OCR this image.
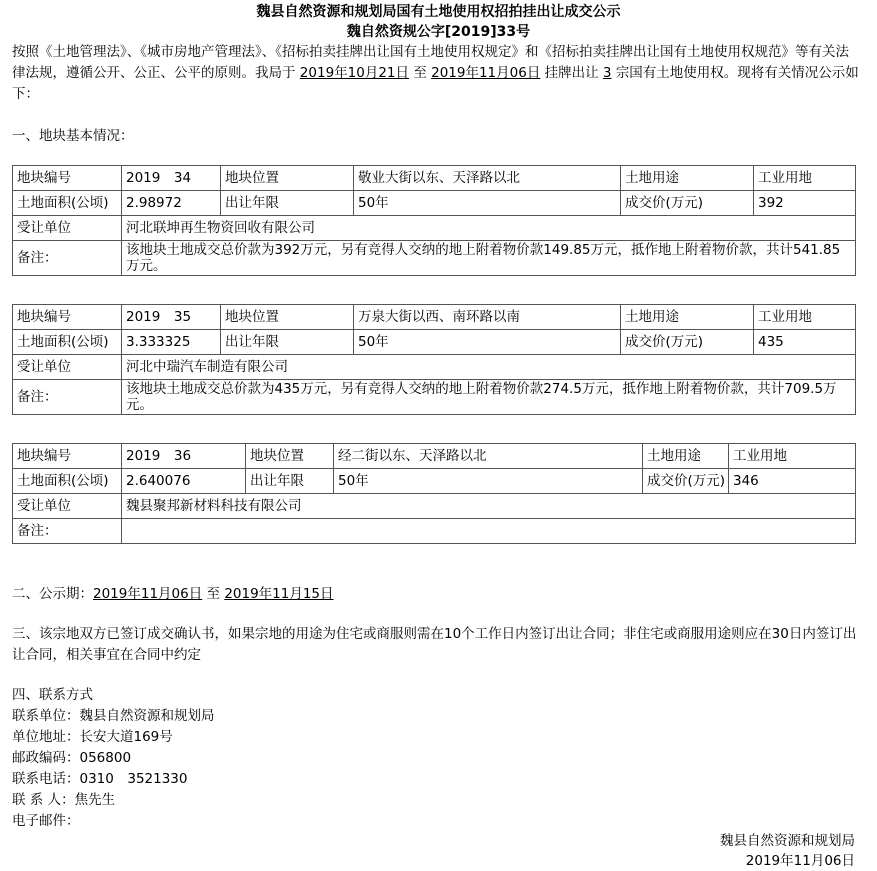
魏县自然资源和规划局国有土地使用权招拍挂出让成交公示
魏自然资规公字[2019]33号
按照《土地管理法》、《城市房地产管理法》、《招标拍卖挂牌出让国有土地使用权规定》和《招标拍卖挂牌出让国有土地使用权规范》等有关法律法规，遵循公开、公正、公平的原则。我局于 2019年10月21日 至 2019年11月06日 挂牌出让 3 宗国有土地使用权。现将有关情况公示如下：
一、地块基本情况：
地块编号	2019　34	地块位置	敬业大街以东、天泽路以北	土地用途	工业用地
土地面积(公顷)	2.98972	出让年限	50年	成交价(万元)	392
受让单位	河北联坤再生物资回收有限公司				
备注：	该地块土地成交总价款为392万元，另有竞得人交纳的地上附着物价款149.85万元，抵作地上附着物价款，共计541.85万元。				
地块编号	2019　35	地块位置	万泉大街以西、南环路以南	土地用途	工业用地
土地面积(公顷)	3.333325	出让年限	50年	成交价(万元)	435
受让单位	河北中瑞汽车制造有限公司				
备注：	该地块土地成交总价款为435万元，另有竞得人交纳的地上附着物价款274.5万元，抵作地上附着物价款，共计709.5万元。				
地块编号	2019　36	地块位置	经二街以东、天泽路以北	土地用途	工业用地
土地面积(公顷)	2.640076	出让年限	50年	成交价(万元)	346
受让单位	魏县聚邦新材料科技有限公司				
备注：					
二、公示期：2019年11月06日 至 2019年11月15日
三、该宗地双方已签订成交确认书，如果宗地的用途为住宅或商服则需在10个工作日内签订出让合同；非住宅或商服用途则应在30日内签订出让合同，相关事宜在合同中约定
四、联系方式
联系单位：魏县自然资源和规划局
单位地址：长安大道169号
邮政编码：056800
联系电话：0310　3521330
联 系 人：焦先生
电子邮件：
魏县自然资源和规划局
2019年11月06日
